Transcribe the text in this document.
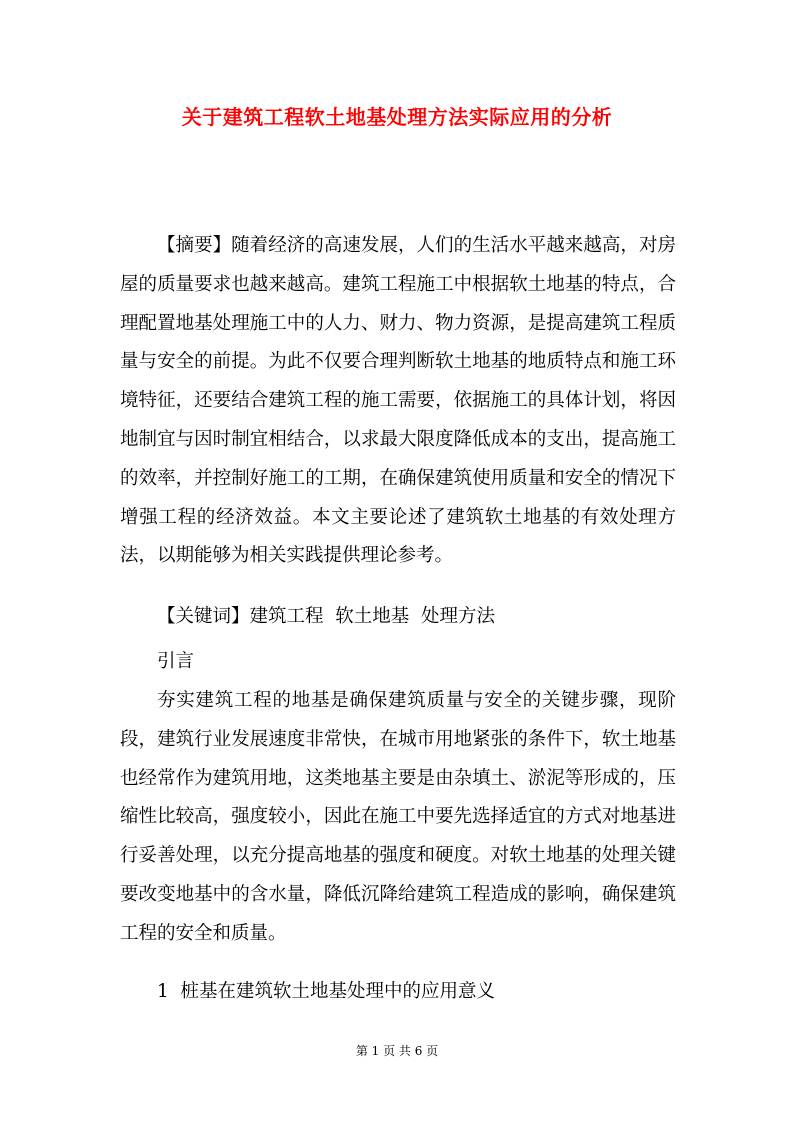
关于建筑工程软土地基处理方法实际应用的分析

【摘要】随着经济的高速发展，人们的生活水平越来越高，对房屋的质量要求也越来越高。建筑工程施工中根据软土地基的特点，合理配置地基处理施工中的人力、财力、物力资源，是提高建筑工程质量与安全的前提。为此不仅要合理判断软土地基的地质特点和施工环境特征，还要结合建筑工程的施工需要，依据施工的具体计划，将因地制宜与因时制宜相结合，以求最大限度降低成本的支出，提高施工的效率，并控制好施工的工期，在确保建筑使用质量和安全的情况下增强工程的经济效益。本文主要论述了建筑软土地基的有效处理方法，以期能够为相关实践提供理论参考。

【关键词】建筑工程  软土地基  处理方法

引言

夯实建筑工程的地基是确保建筑质量与安全的关键步骤，现阶段，建筑行业发展速度非常快，在城市用地紧张的条件下，软土地基也经常作为建筑用地，这类地基主要是由杂填土、淤泥等形成的，压缩性比较高，强度较小，因此在施工中要先选择适宜的方式对地基进行妥善处理，以充分提高地基的强度和硬度。对软土地基的处理关键要改变地基中的含水量，降低沉降给建筑工程造成的影响，确保建筑工程的安全和质量。

1  桩基在建筑软土地基处理中的应用意义

第 1 页 共 6 页
